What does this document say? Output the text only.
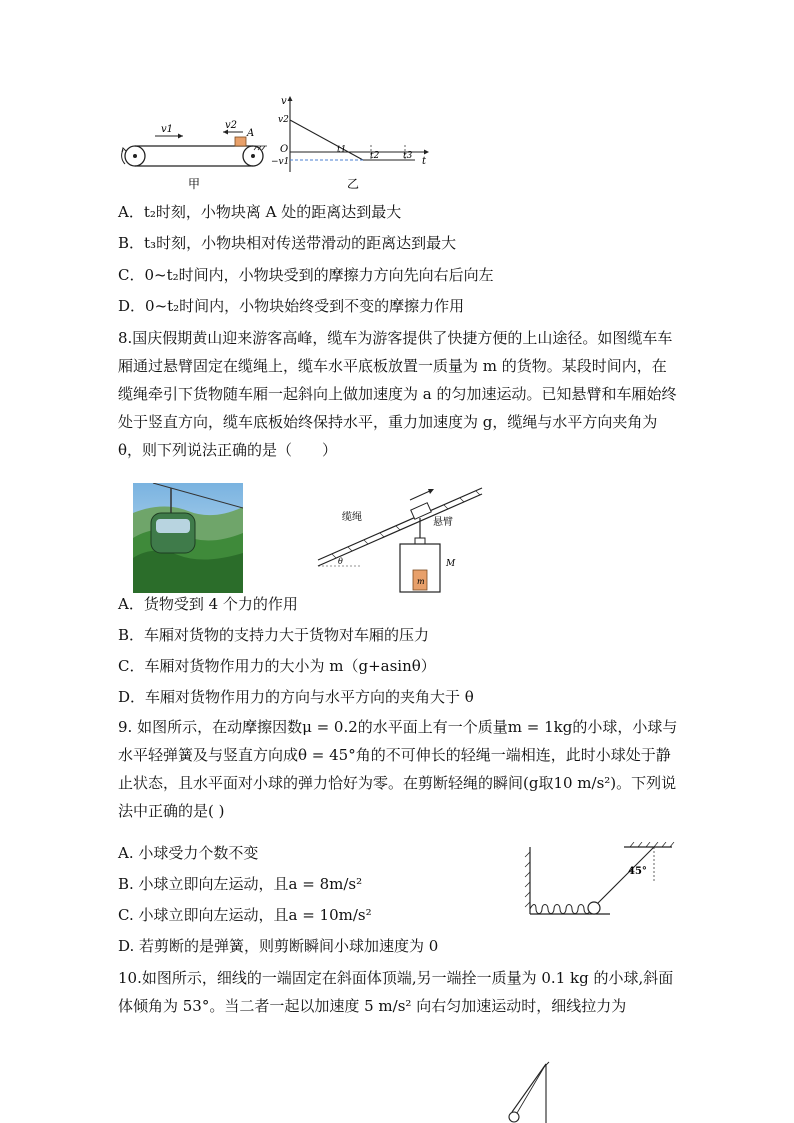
v1	v2
A
甲
v
t
O
v2
−v1
t1
t2	t3
乙
A．t₂时刻，小物块离 A 处的距离达到最大
B．t₃时刻，小物块相对传送带滑动的距离达到最大
C．0~t₂时间内，小物块受到的摩擦力方向先向右后向左
D．0~t₂时间内，小物块始终受到不变的摩擦力作用
8.国庆假期黄山迎来游客高峰，缆车为游客提供了快捷方便的上山途径。如图缆车车厢通过悬臂固定在缆绳上，缆车水平底板放置一质量为 m 的货物。某段时间内，在缆绳牵引下货物随车厢一起斜向上做加速度为 a 的匀加速运动。已知悬臂和车厢始终处于竖直方向，缆车底板始终保持水平，重力加速度为 g，缆绳与水平方向夹角为 θ，则下列说法正确的是（　　）
θ
m
M
缆绳	悬臂
A．货物受到 4 个力的作用
B．车厢对货物的支持力大于货物对车厢的压力
C．车厢对货物作用力的大小为 m（g+asinθ）
D．车厢对货物作用力的方向与水平方向的夹角大于 θ
9. 如图所示，在动摩擦因数μ = 0.2的水平面上有一个质量m = 1kg的小球，小球与水平轻弹簧及与竖直方向成θ = 45°角的不可伸长的轻绳一端相连，此时小球处于静止状态，且水平面对小球的弹力恰好为零。在剪断轻绳的瞬间(g取10 m/s²)。下列说法中正确的是( )
45°
A. 小球受力个数不变
B. 小球立即向左运动，且a = 8m/s²
C. 小球立即向左运动，且a = 10m/s²
D. 若剪断的是弹簧，则剪断瞬间小球加速度为 0
10.如图所示，细线的一端固定在斜面体顶端,另一端拴一质量为 0.1 kg 的小球,斜面体倾角为 53°。当二者一起以加速度 5 m/s² 向右匀加速运动时，细线拉力为
